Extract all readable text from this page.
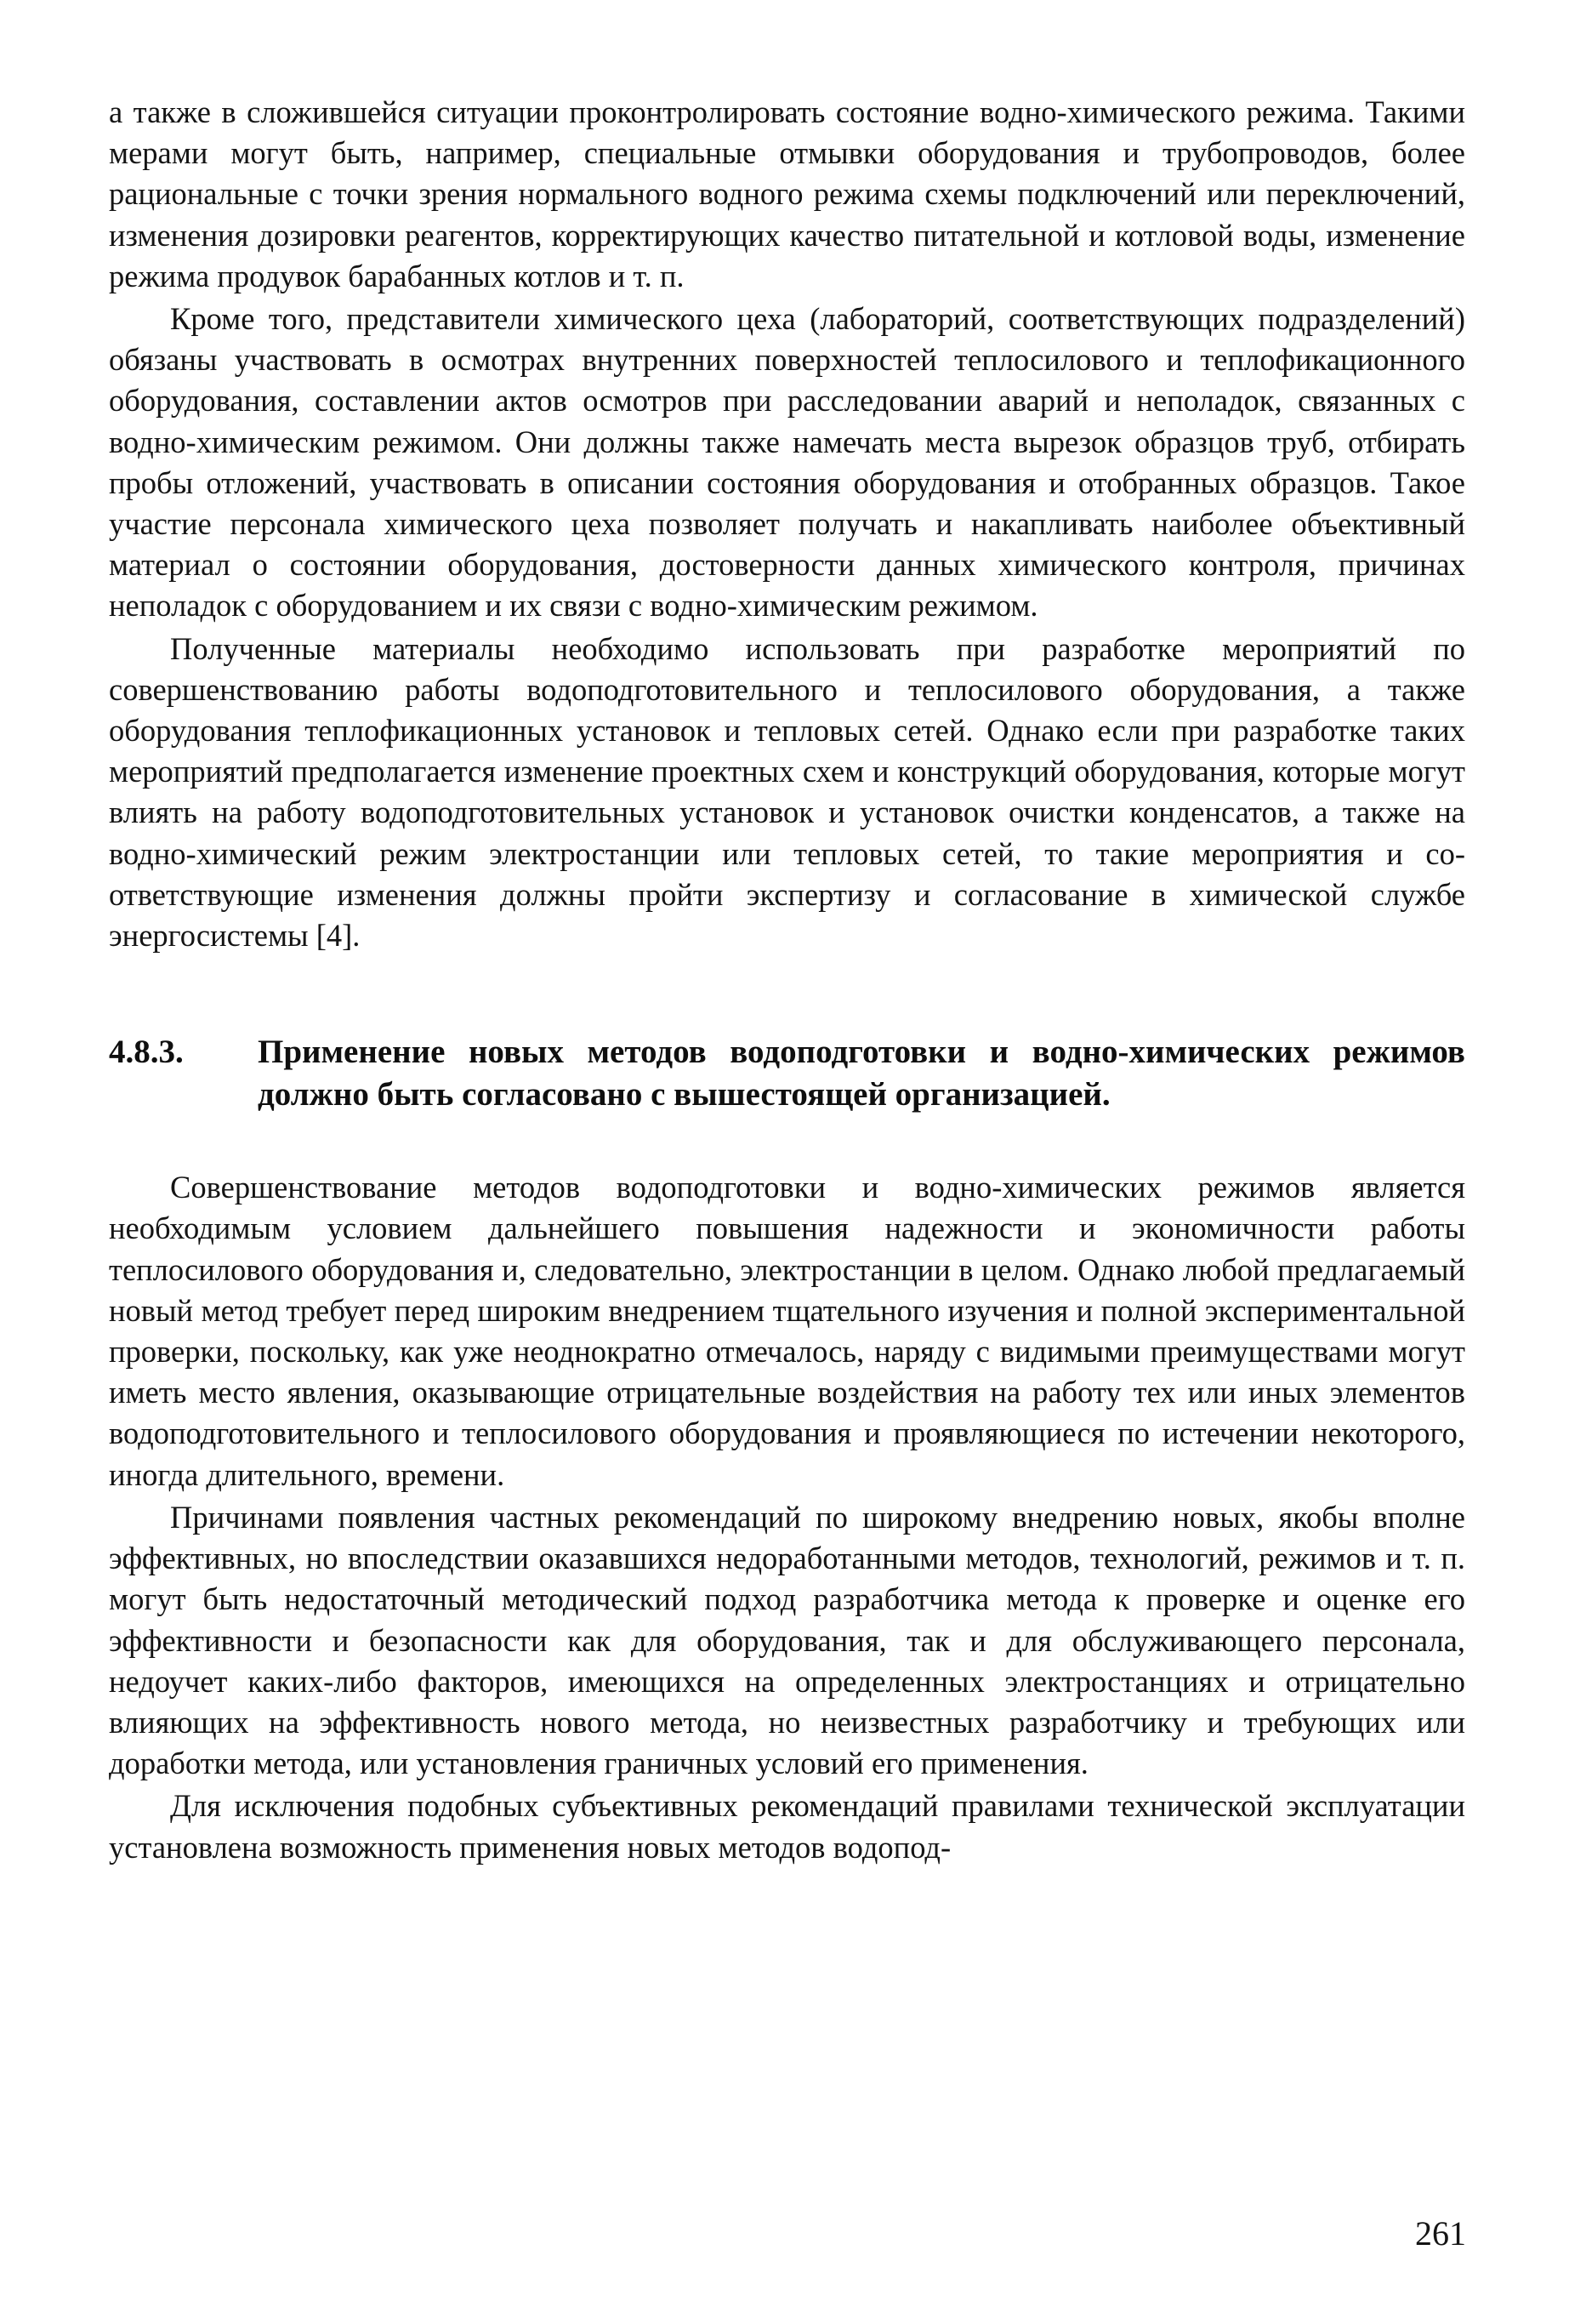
а также в сложившейся ситуации проконтролировать состояние водно-химического режима. Такими мерами могут быть, например, специальные отмывки оборудования и трубопроводов, более рациональные с точки зрения нормального водного режима схемы подключений или переключений, изменения дозировки реагентов, корректирующих качество питательной и котловой воды, изменение режима продувок барабанных котлов и т. п.

Кроме того, представители химического цеха (лабораторий, соответствующих подразделений) обязаны участвовать в осмотрах внутренних поверхностей теплосилового и теплофикационного оборудования, составлении актов осмотров при расследовании аварий и неполадок, связанных с водно-химическим режимом. Они должны также намечать места вырезок образцов труб, отбирать пробы отложений, участвовать в описании состояния оборудования и отобранных образцов. Такое участие персонала химического цеха позволяет получать и накапливать наиболее объективный материал о состоянии оборудования, достоверности данных химического контроля, причинах неполадок с оборудованием и их связи с водно-химическим режимом.

Полученные материалы необходимо использовать при разработке мероприятий по совершенствованию работы водоподготовительного и теплосилового оборудования, а также оборудования теплофикационных установок и тепловых сетей. Однако если при разработке таких мероприятий предполагается изменение проектных схем и конструкций оборудования, которые могут влиять на работу водоподготовительных установок и установок очистки конденсатов, а также на водно-химический режим электростанции или тепловых сетей, то такие мероприятия и соответствующие изменения должны пройти экспертизу и согласование в химической службе энергосистемы [4].

4.8.3.	Применение новых методов водоподготовки и водно-химических режимов должно быть согласовано с вышестоящей организацией.

Совершенствование методов водоподготовки и водно-химических режимов является необходимым условием дальнейшего повышения надежности и экономичности работы теплосилового оборудования и, следовательно, электростанции в целом. Однако любой предлагаемый новый метод требует перед широким внедрением тщательного изучения и полной экспериментальной проверки, поскольку, как уже неоднократно отмечалось, наряду с видимыми преимуществами могут иметь место явления, оказывающие отрицательные воздействия на работу тех или иных элементов водоподготовительного и теплосилового оборудования и проявляющиеся по истечении некоторого, иногда длительного, времени.

Причинами появления частных рекомендаций по широкому внедрению новых, якобы вполне эффективных, но впоследствии оказавшихся недоработанными методов, технологий, режимов и т. п. могут быть недостаточный методический подход разработчика метода к проверке и оценке его эффективности и безопасности как для оборудования, так и для обслуживающего персонала, недоучет каких-либо факторов, имеющихся на определенных электростанциях и отрицательно влияющих на эффективность нового метода, но неизвестных разработчику и требующих или доработки метода, или установления граничных условий его применения.

Для исключения подобных субъективных рекомендаций правилами технической эксплуатации установлена возможность применения новых методов водопод-

261
